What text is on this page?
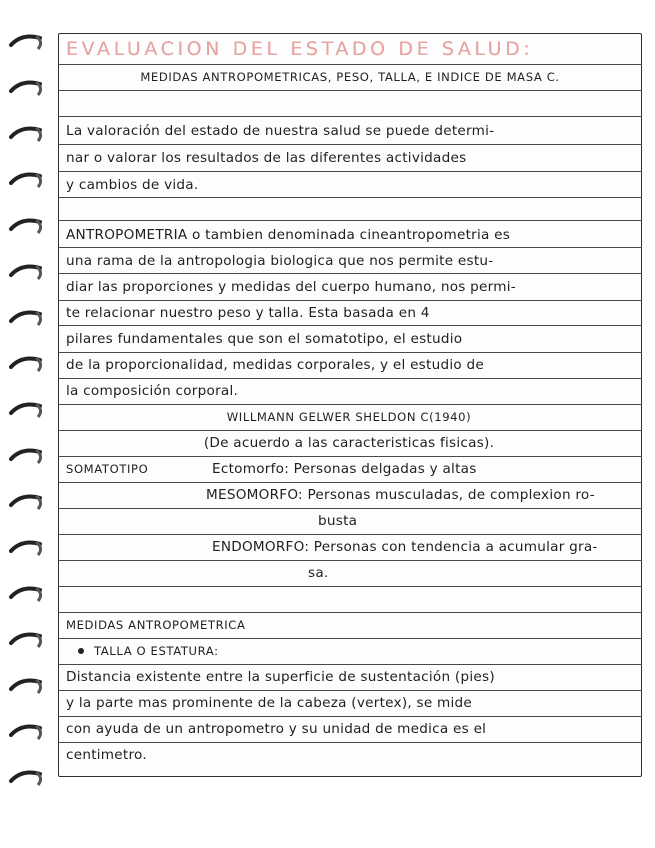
EVALUACION DEL ESTADO DE SALUD:
MEDIDAS ANTROPOMETRICAS, PESO, TALLA, E INDICE DE MASA C.
La valoración del estado de nuestra salud se puede determi-
nar o valorar los resultados de las diferentes actividades
y cambios de vida.
ANTROPOMETRIA o tambien denominada cineantropometria es
una rama de la antropologia biologica que nos permite estu-
diar las proporciones y medidas del cuerpo humano, nos permi-
te relacionar nuestro peso y talla. Esta basada en 4
pilares fundamentales que son el somatotipo, el estudio
de la proporcionalidad, medidas corporales, y el estudio de
la composición corporal.
WILLMANN GELWER SHELDON C(1940)
(De acuerdo a las caracteristicas fisicas).
SOMATOTIPO	Ectomorfo: Personas delgadas y altas
MESOMORFO: Personas musculadas, de complexion ro-
busta
ENDOMORFO: Personas con tendencia a acumular gra-
sa.
MEDIDAS ANTROPOMETRICA
TALLA O ESTATURA:
Distancia existente entre la superficie de sustentación (pies)
y la parte mas prominente de la cabeza (vertex), se mide
con ayuda de un antropometro y su unidad de medica es el
centimetro.
